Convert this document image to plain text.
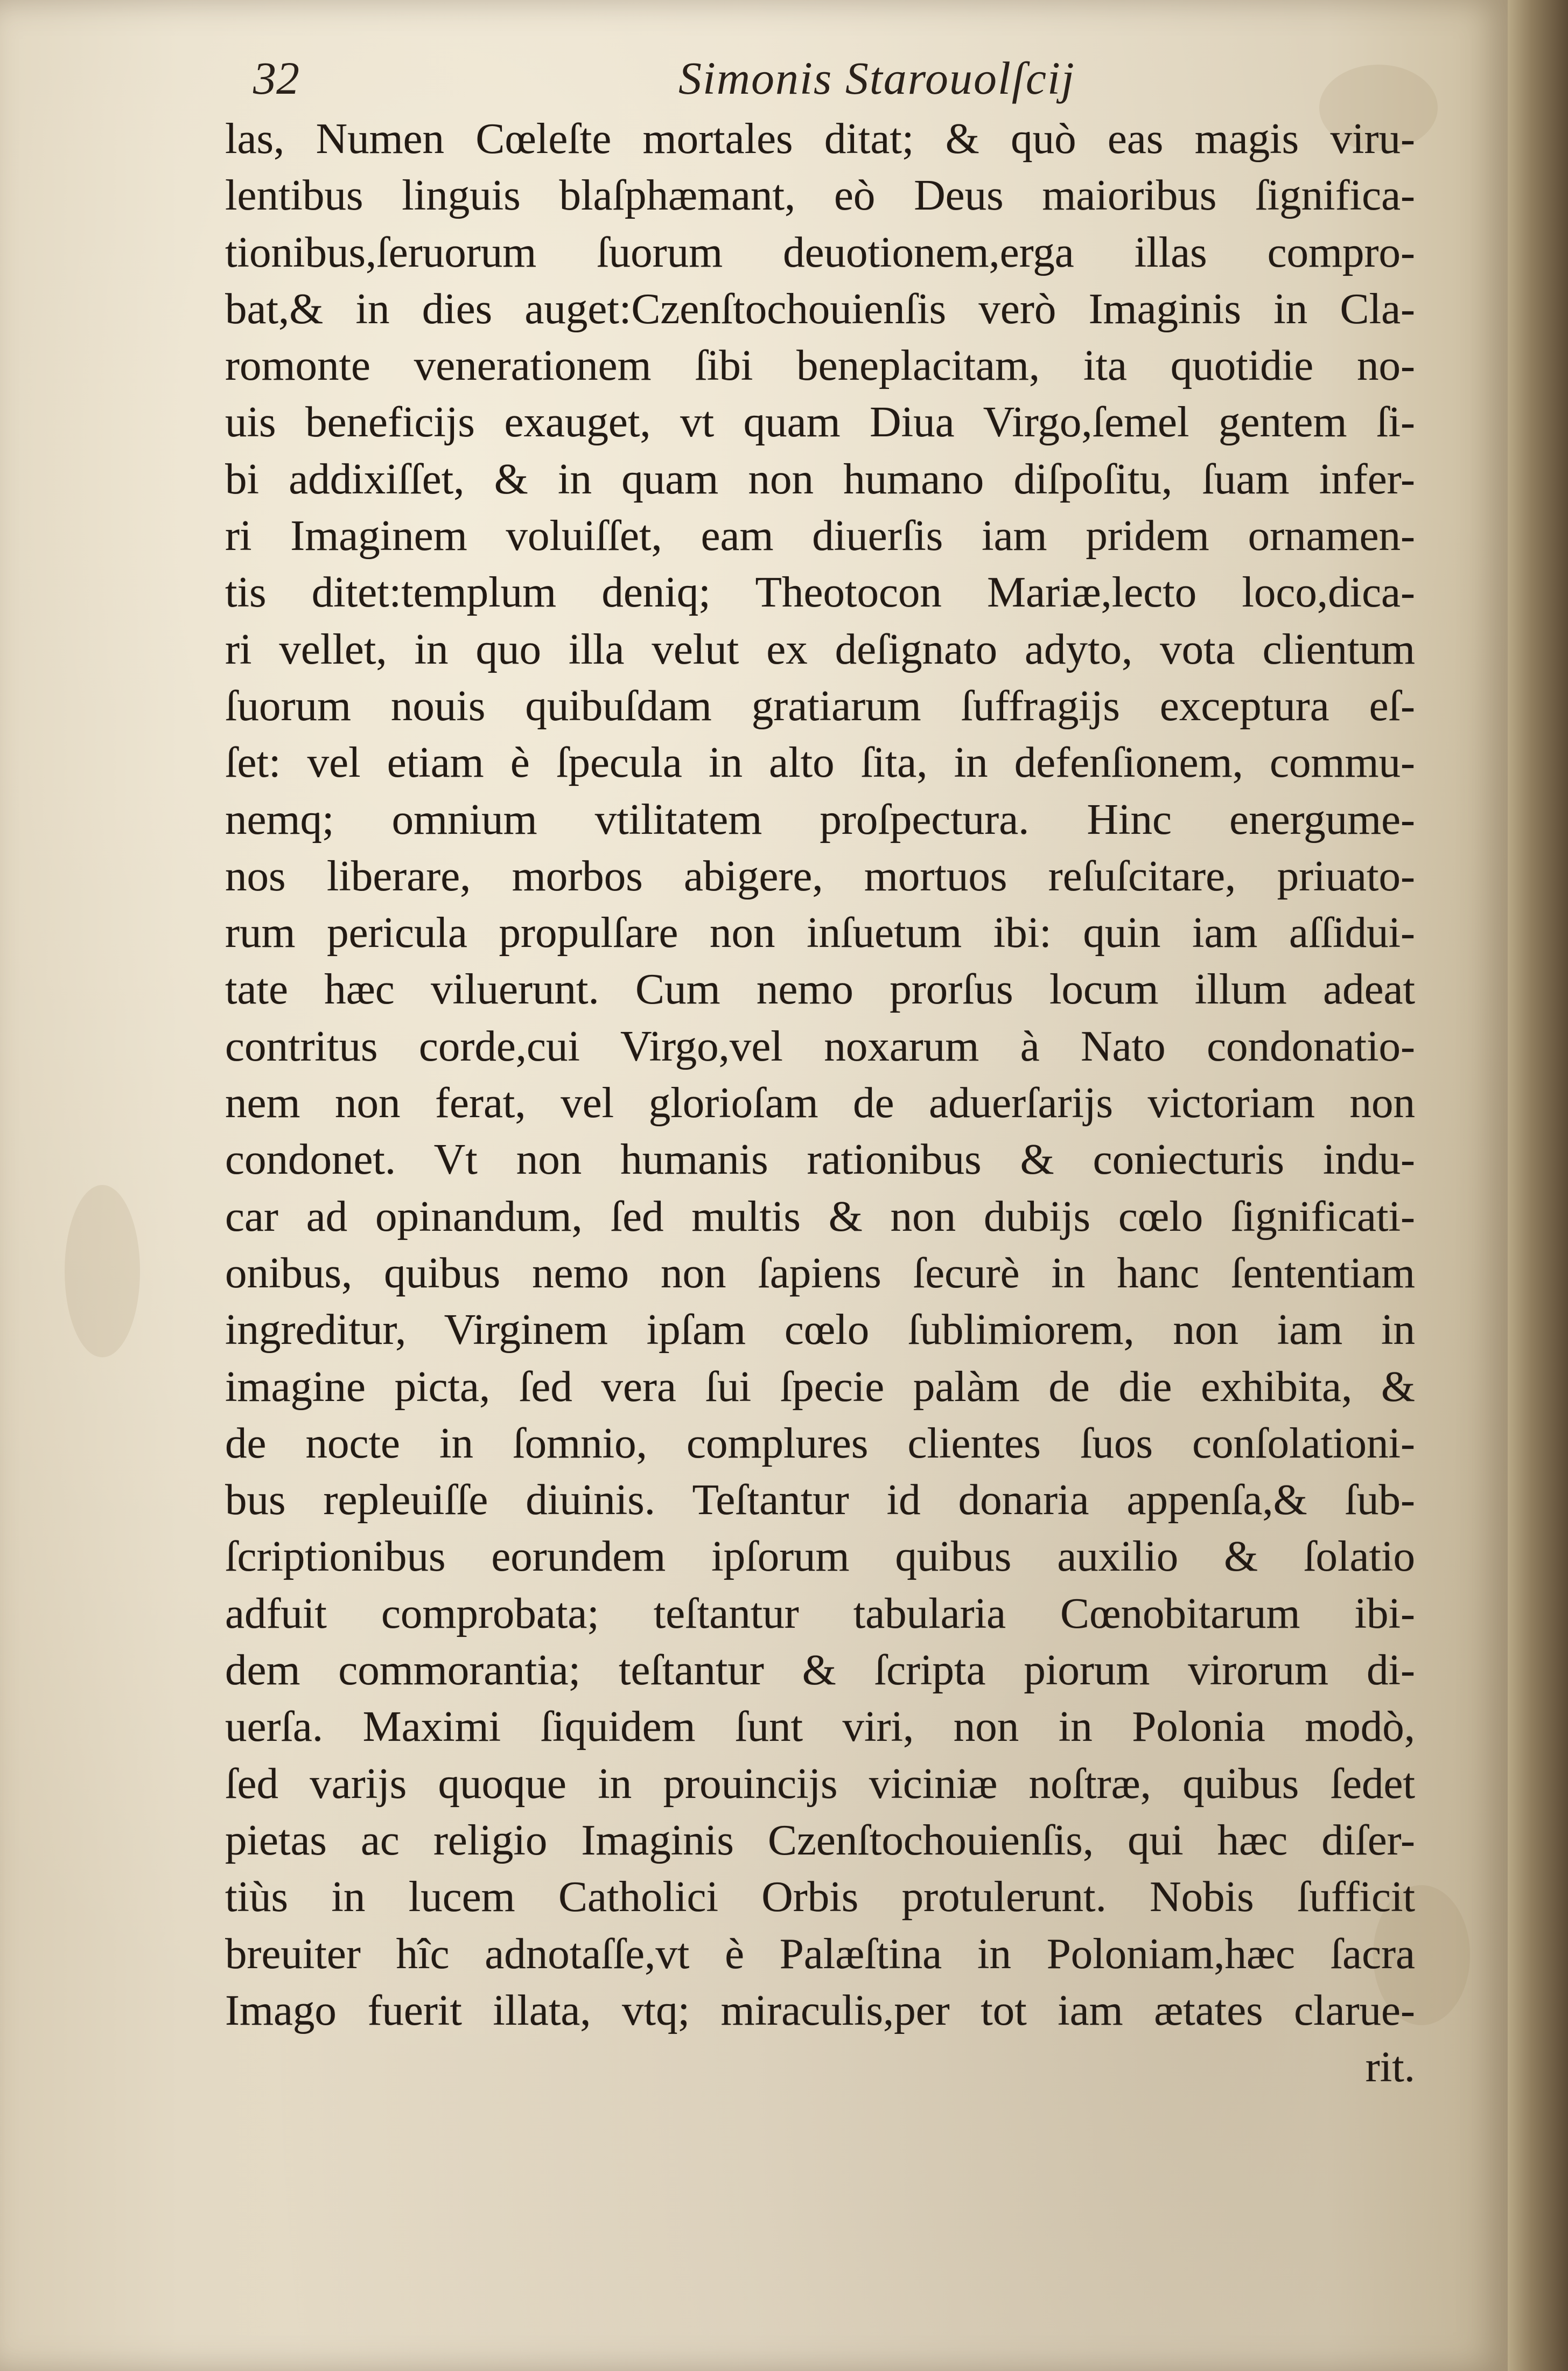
32	Simonis Starouolſcij
las, Numen Cœleſte mortales ditat; & quò eas magis viru-
lentibus linguis blaſphæmant, eò Deus maioribus ſignifica-
tionibus,ſeruorum ſuorum deuotionem,erga illas compro-
bat,& in dies auget:Czenſtochouienſis verò Imaginis in Cla-
romonte venerationem ſibi beneplacitam, ita quotidie no-
uis beneficijs exauget, vt quam Diua Virgo,ſemel gentem ſi-
bi addixiſſet, & in quam non humano diſpoſitu, ſuam infer-
ri Imaginem voluiſſet, eam diuerſis iam pridem ornamen-
tis ditet:templum deniq; Theotocon Mariæ,lecto loco,dica-
ri vellet, in quo illa velut ex deſignato adyto, vota clientum
ſuorum nouis quibuſdam gratiarum ſuffragijs exceptura eſ-
ſet: vel etiam è ſpecula in alto ſita, in defenſionem, commu-
nemq; omnium vtilitatem proſpectura. Hinc energume-
nos liberare, morbos abigere, mortuos reſuſcitare, priuato-
rum pericula propulſare non inſuetum ibi: quin iam aſſidui-
tate hæc viluerunt. Cum nemo prorſus locum illum adeat
contritus corde,cui Virgo,vel noxarum à Nato condonatio-
nem non ferat, vel glorioſam de aduerſarijs victoriam non
condonet. Vt non humanis rationibus & coniecturis indu-
car ad opinandum, ſed multis & non dubijs cœlo ſignificati-
onibus, quibus nemo non ſapiens ſecurè in hanc ſententiam
ingreditur, Virginem ipſam cœlo ſublimiorem, non iam in
imagine picta, ſed vera ſui ſpecie palàm de die exhibita, &
de nocte in ſomnio, complures clientes ſuos conſolationi-
bus repleuiſſe diuinis. Teſtantur id donaria appenſa,& ſub-
ſcriptionibus eorundem ipſorum quibus auxilio & ſolatio
adfuit comprobata; teſtantur tabularia Cœnobitarum ibi-
dem commorantia; teſtantur & ſcripta piorum virorum di-
uerſa. Maximi ſiquidem ſunt viri, non in Polonia modò,
ſed varijs quoque in prouincijs viciniæ noſtræ, quibus ſedet
pietas ac religio Imaginis Czenſtochouienſis, qui hæc diſer-
tiùs in lucem Catholici Orbis protulerunt. Nobis ſufficit
breuiter hîc adnotaſſe,vt è Palæſtina in Poloniam,hæc ſacra
Imago fuerit illata, vtq; miraculis,per tot iam ætates clarue-
rit.
